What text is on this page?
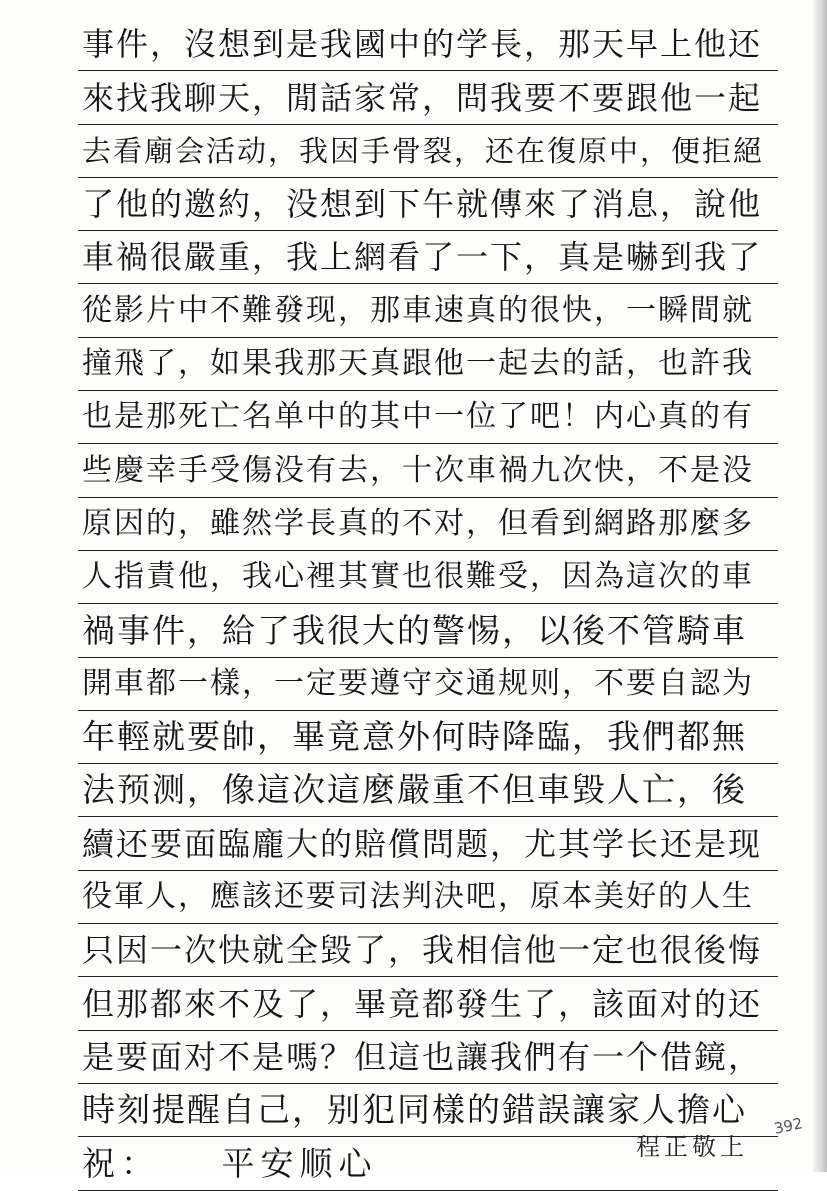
事件，沒想到是我國中的学長，那天早上他还
來找我聊天，閒話家常，問我要不要跟他一起
去看廟会活动，我因手骨裂，还在復原中，便拒絕
了他的邀約，没想到下午就傳來了消息，說他
車禍很嚴重，我上網看了一下，真是嚇到我了
從影片中不難發现，那車速真的很快，一瞬間就
撞飛了，如果我那天真跟他一起去的話，也許我
也是那死亡名单中的其中一位了吧！内心真的有
些慶幸手受傷没有去，十次車禍九次快，不是没
原因的，雖然学長真的不对，但看到網路那麼多
人指責他，我心裡其實也很難受，因為這次的車
禍事件，給了我很大的警惕，以後不管騎車
開車都一樣，一定要遵守交通规则，不要自認为
年輕就要帥，畢竟意外何時降臨，我們都無
法预测，像這次這麼嚴重不但車毀人亡，後
續还要面臨龐大的賠償問题，尤其学长还是现
役軍人，應該还要司法判決吧，原本美好的人生
只因一次快就全毀了，我相信他一定也很後悔
但那都來不及了，畢竟都發生了，該面对的还
是要面对不是嗎？但這也讓我們有一个借鏡，
時刻提醒自己，别犯同樣的錯誤讓家人擔心
祝：　　平安顺心	程正敬上
392
